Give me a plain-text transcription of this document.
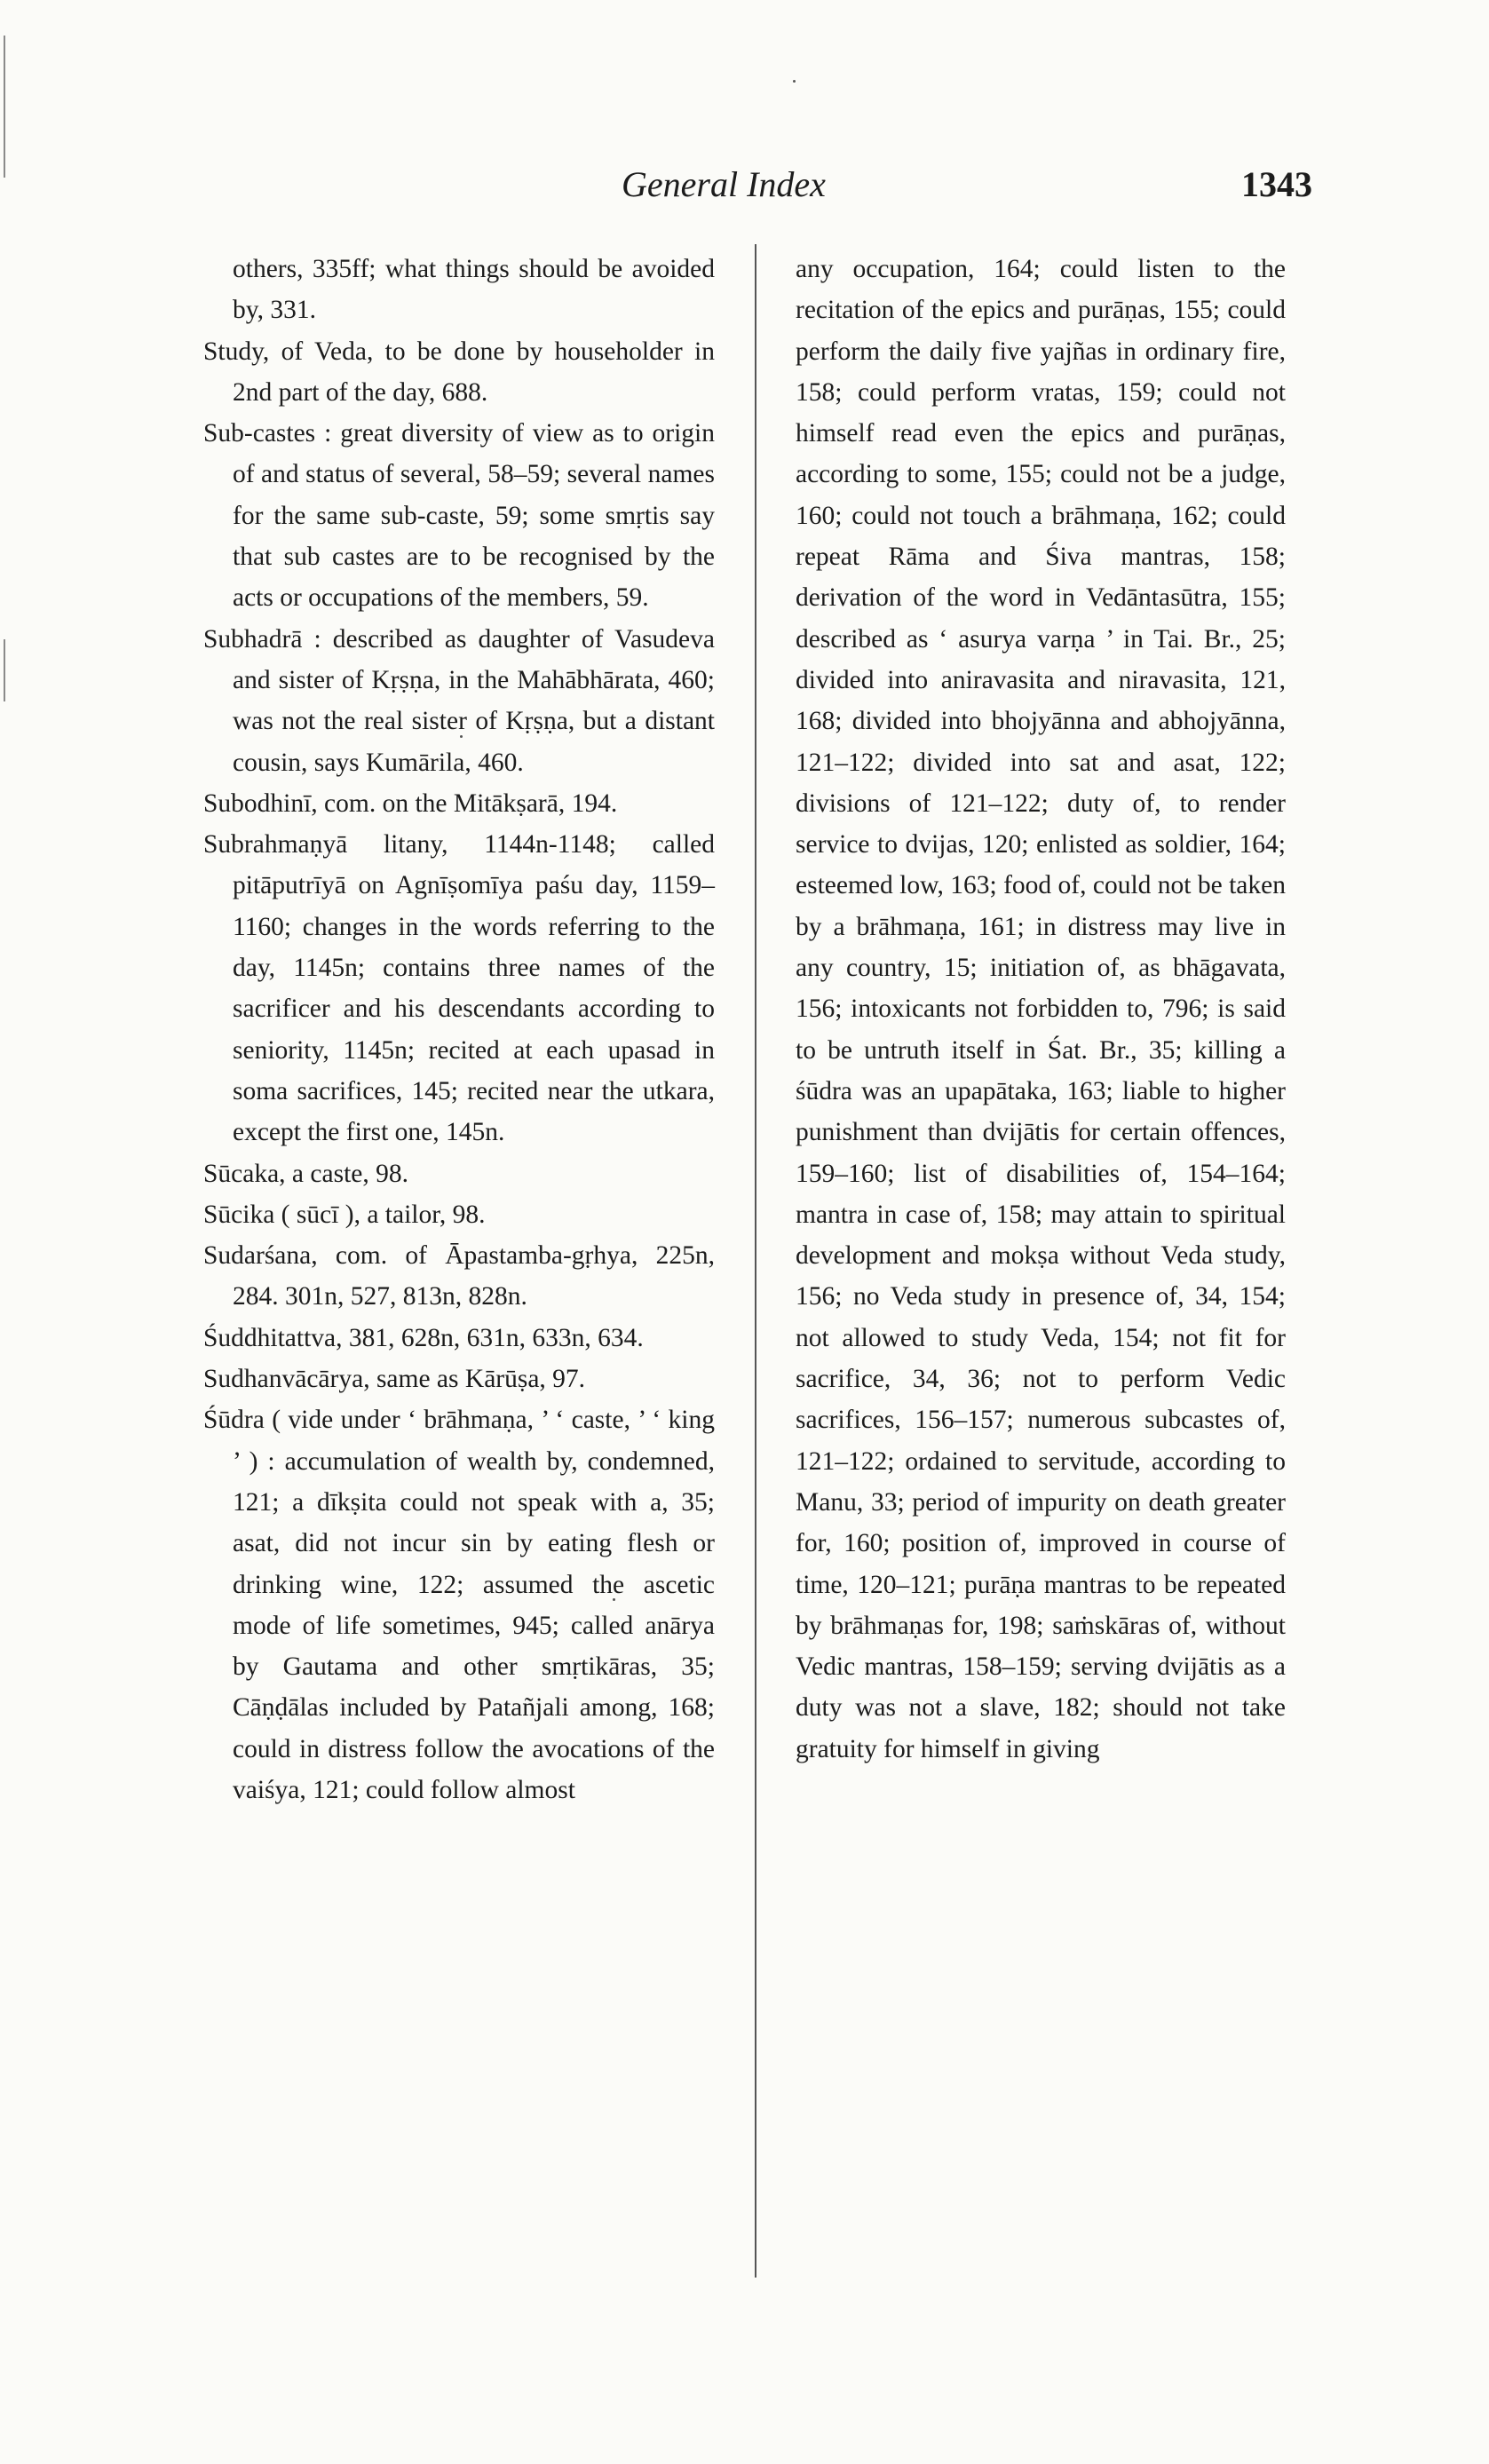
General Index	1343

others, 335ff; what things should be avoided by, 331.

Study, of Veda, to be done by householder in 2nd part of the day, 688.

Sub-castes : great diversity of view as to origin of and status of several, 58–59; several names for the same sub-caste, 59; some smṛtis say that sub castes are to be recognised by the acts or occupations of the members, 59.

Subhadrā : described as daughter of Vasudeva and sister of Kṛṣṇa, in the Mahābhārata, 460; was not the real sister of Kṛṣṇa, but a distant cousin, says Kumārila, 460.

Subodhinī, com. on the Mitākṣarā, 194.

Subrahmaṇyā litany, 1144n-1148; called pitāputrīyā on Agnīṣomīya paśu day, 1159–1160; changes in the words referring to the day, 1145n; contains three names of the sacrificer and his descendants according to seniority, 1145n; recited at each upasad in soma sacrifices, 145; recited near the utkara, except the first one, 145n.

Sūcaka, a caste, 98.

Sūcika ( sūcī ), a tailor, 98.

Sudarśana, com. of Āpastamba-gṛhya, 225n, 284. 301n, 527, 813n, 828n.

Śuddhitattva, 381, 628n, 631n, 633n, 634.

Sudhanvācārya, same as Kārūṣa, 97.

Śūdra ( vide under ‘ brāhmaṇa, ’ ‘ caste, ’ ‘ king ’ ) : accumulation of wealth by, condemned, 121; a dīkṣita could not speak with a, 35; asat, did not incur sin by eating flesh or drinking wine, 122; assumed the ascetic mode of life sometimes, 945; called anārya by Gautama and other smṛtikāras, 35; Cāṇḍālas included by Patañjali among, 168; could in distress follow the avocations of the vaiśya, 121; could follow almost

any occupation, 164; could listen to the recitation of the epics and purāṇas, 155; could perform the daily five yajñas in ordinary fire, 158; could perform vratas, 159; could not himself read even the epics and purāṇas, according to some, 155; could not be a judge, 160; could not touch a brāhmaṇa, 162; could repeat Rāma and Śiva mantras, 158; derivation of the word in Vedāntasūtra, 155; described as ‘ asurya varṇa ’ in Tai. Br., 25; divided into aniravasita and niravasita, 121, 168; divided into bhojyānna and abhojyānna, 121–122; divided into sat and asat, 122; divisions of 121–122; duty of, to render service to dvijas, 120; enlisted as soldier, 164; esteemed low, 163; food of, could not be taken by a brāhmaṇa, 161; in distress may live in any country, 15; initiation of, as bhāgavata, 156; intoxicants not forbidden to, 796; is said to be untruth itself in Śat. Br., 35; killing a śūdra was an upapātaka, 163; liable to higher punishment than dvijātis for certain offences, 159–160; list of disabilities of, 154–164; mantra in case of, 158; may attain to spiritual development and mokṣa without Veda study, 156; no Veda study in presence of, 34, 154; not allowed to study Veda, 154; not fit for sacrifice, 34, 36; not to perform Vedic sacrifices, 156–157; numerous subcastes of, 121–122; ordained to servitude, according to Manu, 33; period of impurity on death greater for, 160; position of, improved in course of time, 120–121; purāṇa mantras to be repeated by brāhmaṇas for, 198; saṁskāras of, without Vedic mantras, 158–159; serving dvijātis as a duty was not a slave, 182; should not take gratuity for himself in giving
